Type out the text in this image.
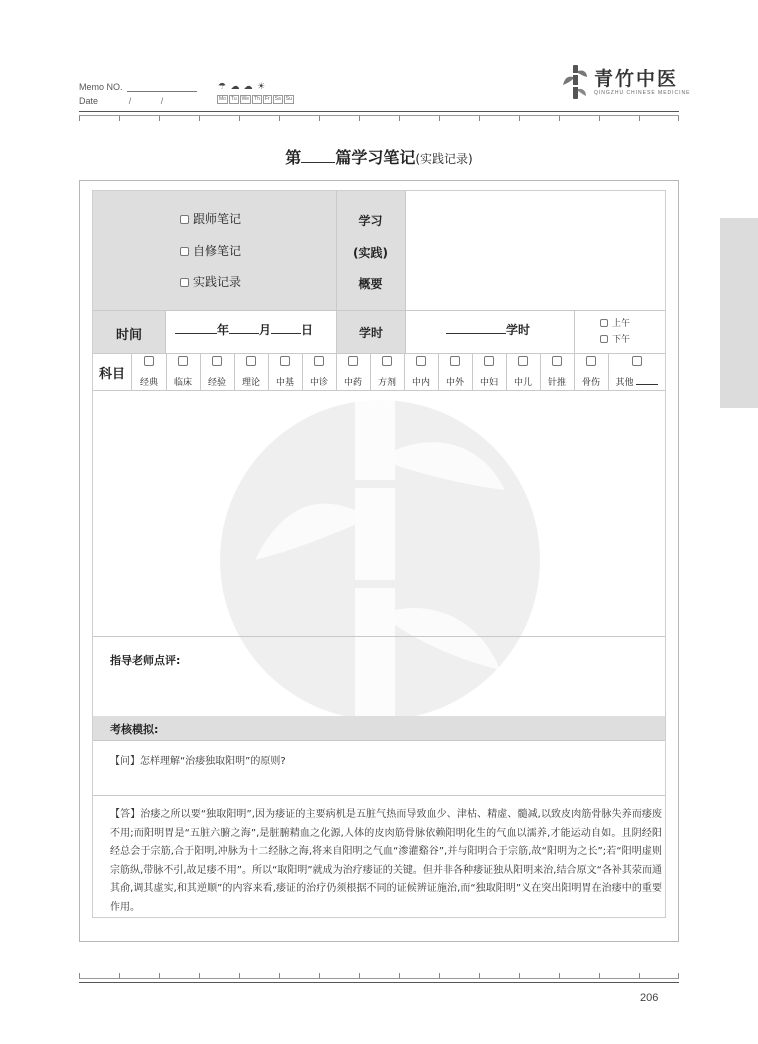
Memo NO.
Date	/	/
☂ ☁ ☁ ☀
Mo	Tu	We	Th	Fr	Sa	Su
青竹中医
QINGZHU CHINESE MEDICINE
第 篇学习笔记(实践记录)
跟师笔记
自修笔记
实践记录
学习
(实践)
概要
时间	年	月	日	学时	学时	上午
下午
科目
经典	临床	经验	理论	中基	中诊	中药	方剂	中内	中外	中妇	中儿	针推	骨伤	其他
指导老师点评:
考核模拟:
【问】怎样理解“治痿独取阳明”的原则?
【答】治痿之所以要“独取阳明”,因为痿证的主要病机是五脏气热而导致血少、津枯、精虚、髓减,以致皮肉筋骨脉失养而痿废不用;而阳明胃是“五脏六腑之海”,是脏腑精血之化源,人体的皮肉筋骨脉依赖阳明化生的气血以濡养,才能运动自如。且阴经阳经总会于宗筋,合于阳明,冲脉为十二经脉之海,将来自阳明之气血“渗灌谿谷”,并与阳明合于宗筋,故“阳明为之长”;若“阳明虚则宗筋纵,带脉不引,故足痿不用”。所以“取阳明”就成为治疗痿证的关键。但并非各种痿证独从阳明来治,结合原文“各补其荥而通其俞,调其虚实,和其逆顺”的内容来看,痿证的治疗仍须根据不同的证候辨证施治,而“独取阳明”义在突出阳明胃在治痿中的重要作用。
206
